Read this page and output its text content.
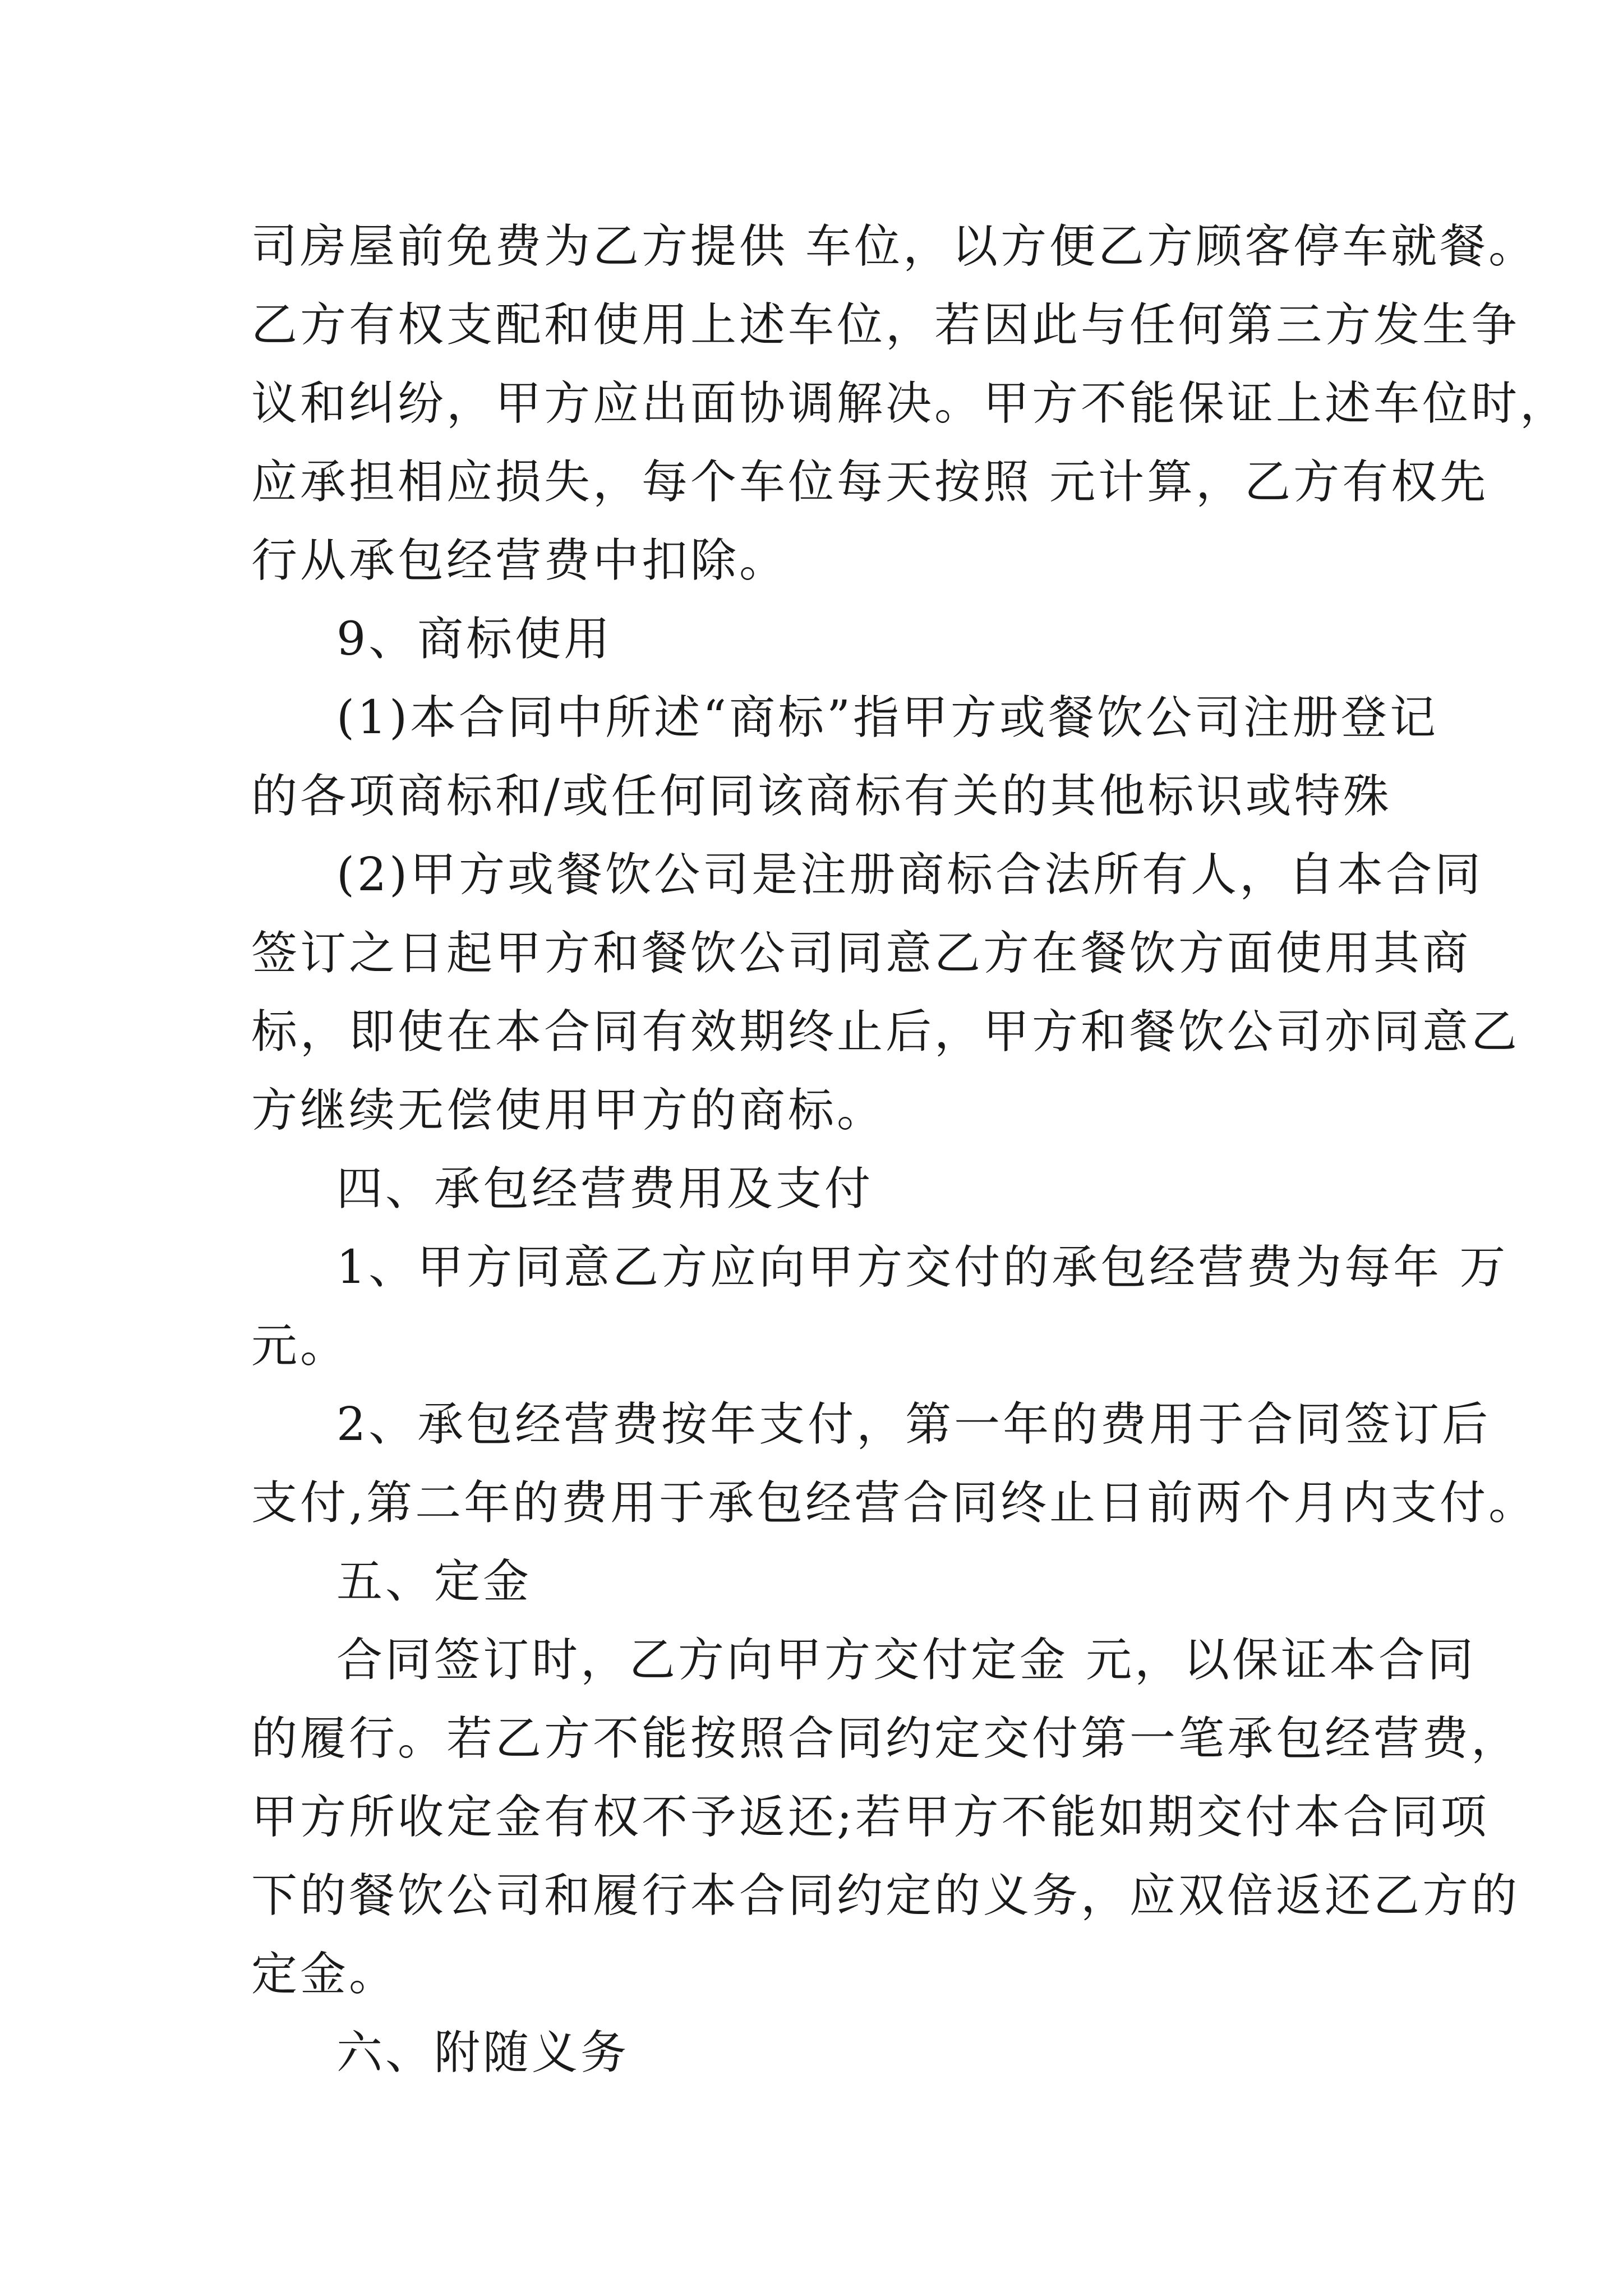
司房屋前免费为乙方提供 车位，以方便乙方顾客停车就餐。
乙方有权支配和使用上述车位，若因此与任何第三方发生争
议和纠纷，甲方应出面协调解决。甲方不能保证上述车位时，
应承担相应损失，每个车位每天按照 元计算，乙方有权先
行从承包经营费中扣除。
9、商标使用
(1)本合同中所述“商标”指甲方或餐饮公司注册登记
的各项商标和/或任何同该商标有关的其他标识或特殊
(2)甲方或餐饮公司是注册商标合法所有人，自本合同
签订之日起甲方和餐饮公司同意乙方在餐饮方面使用其商
标，即使在本合同有效期终止后，甲方和餐饮公司亦同意乙
方继续无偿使用甲方的商标。
四、承包经营费用及支付
1、甲方同意乙方应向甲方交付的承包经营费为每年 万
元。
2、承包经营费按年支付，第一年的费用于合同签订后
支付,第二年的费用于承包经营合同终止日前两个月内支付。
五、定金
合同签订时，乙方向甲方交付定金 元，以保证本合同
的履行。若乙方不能按照合同约定交付第一笔承包经营费，
甲方所收定金有权不予返还;若甲方不能如期交付本合同项
下的餐饮公司和履行本合同约定的义务，应双倍返还乙方的
定金。
六、附随义务
